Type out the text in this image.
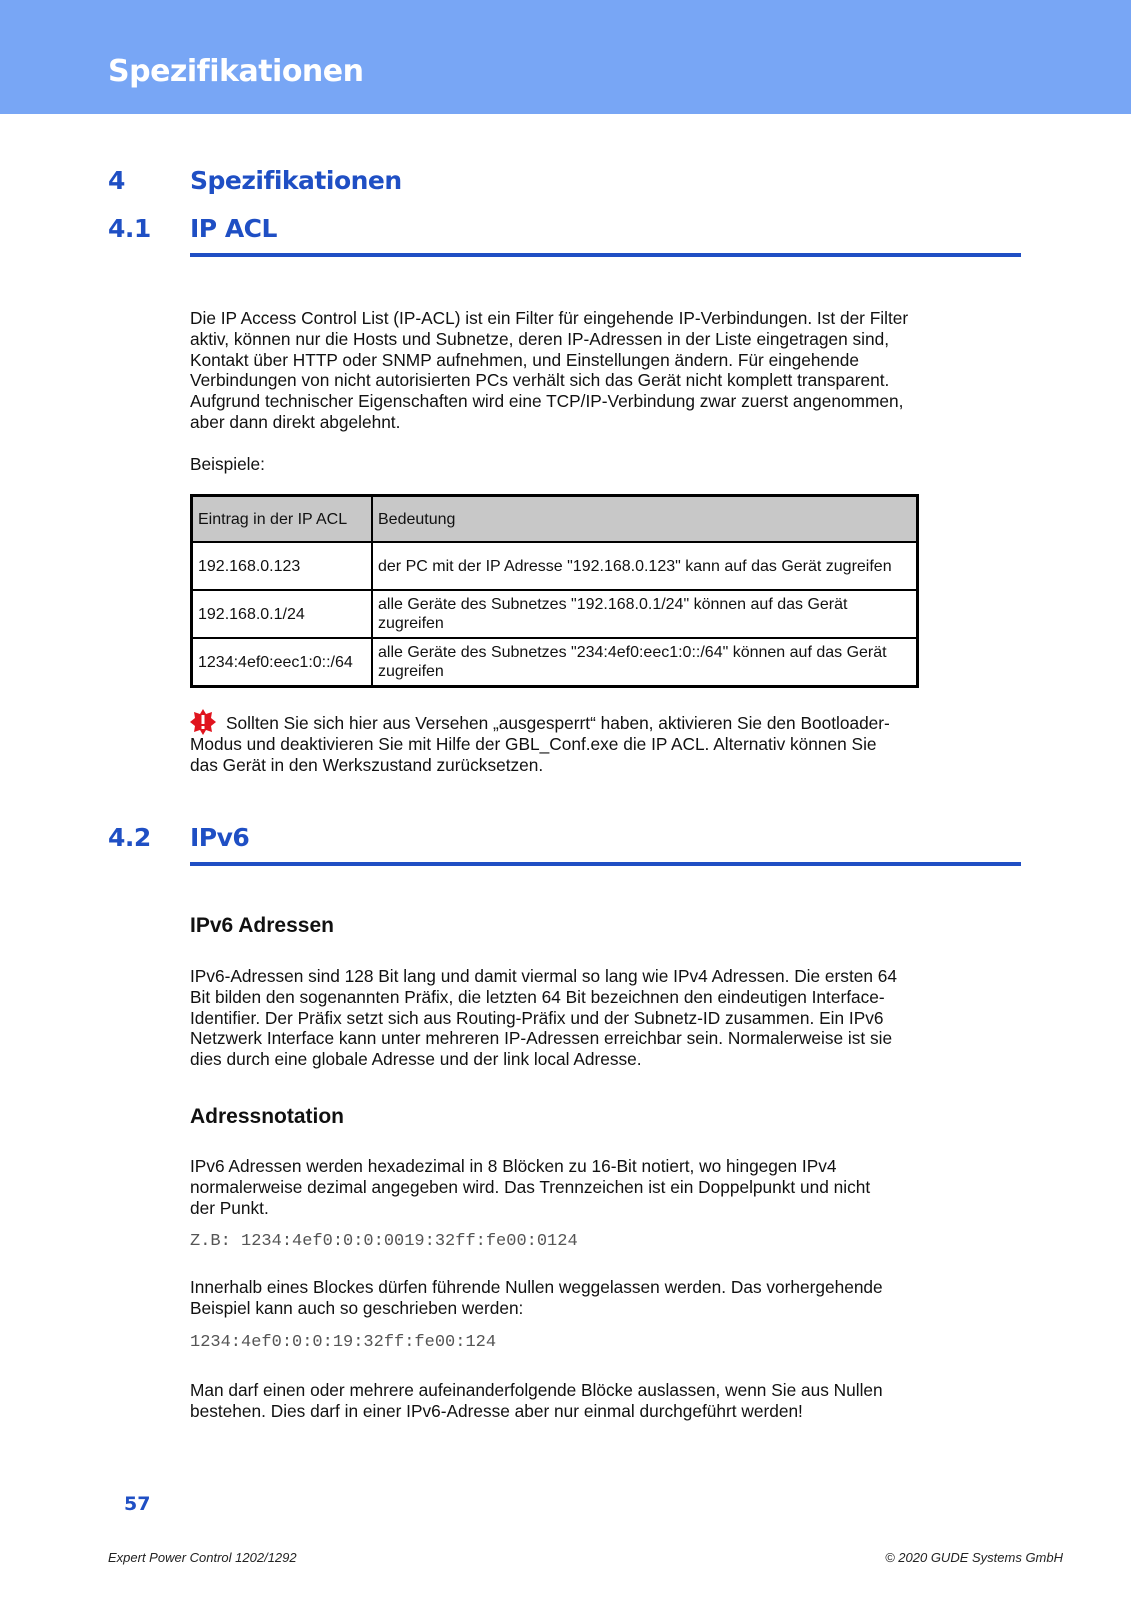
Spezifikationen
4	Spezifikationen
4.1 IP ACL

Die IP Access Control List (IP-ACL) ist ein Filter für eingehende IP-Verbindungen. Ist der Filter aktiv, können nur die Hosts und Subnetze, deren IP-Adressen in der Liste eingetragen sind, Kontakt über HTTP oder SNMP aufnehmen, und Einstellungen ändern. Für eingehende Verbindungen von nicht autorisierten PCs verhält sich das Gerät nicht komplett transparent. Aufgrund technischer Eigenschaften wird eine TCP/IP-Verbindung zwar zuerst angenommen, aber dann direkt abgelehnt.

Beispiele:

Eintrag in der IP ACL	Bedeutung
192.168.0.123	der PC mit der IP Adresse "192.168.0.123" kann auf das Gerät zugreifen
192.168.0.1/24	alle Geräte des Subnetzes "192.168.0.1/24" können auf das Gerät zugreifen
1234:4ef0:eec1:0::/64	alle Geräte des Subnetzes "234:4ef0:eec1:0::/64" können auf das Gerät zugreifen

Sollten Sie sich hier aus Versehen „ausgesperrt“ haben, aktivieren Sie den Bootloader-Modus und deaktivieren Sie mit Hilfe der GBL_Conf.exe die IP ACL. Alternativ können Sie das Gerät in den Werkszustand zurücksetzen.

4.2 IPv6

IPv6 Adressen

IPv6-Adressen sind 128 Bit lang und damit viermal so lang wie IPv4 Adressen. Die ersten 64 Bit bilden den sogenannten Präfix, die letzten 64 Bit bezeichnen den eindeutigen Interface-Identifier. Der Präfix setzt sich aus Routing-Präfix und der Subnetz-ID zusammen. Ein IPv6 Netzwerk Interface kann unter mehreren IP-Adressen erreichbar sein. Normalerweise ist sie dies durch eine globale Adresse und der link local Adresse.

Adressnotation

IPv6 Adressen werden hexadezimal in 8 Blöcken zu 16-Bit notiert, wo hingegen IPv4 normalerweise dezimal angegeben wird. Das Trennzeichen ist ein Doppelpunkt und nicht der Punkt.

Z.B: 1234:4ef0:0:0:0019:32ff:fe00:0124

Innerhalb eines Blockes dürfen führende Nullen weggelassen werden. Das vorhergehende Beispiel kann auch so geschrieben werden:

1234:4ef0:0:0:19:32ff:fe00:124

Man darf einen oder mehrere aufeinanderfolgende Blöcke auslassen, wenn Sie aus Nullen bestehen. Dies darf in einer IPv6-Adresse aber nur einmal durchgeführt werden!

57
Expert Power Control 1202/1292	© 2020 GUDE Systems GmbH
